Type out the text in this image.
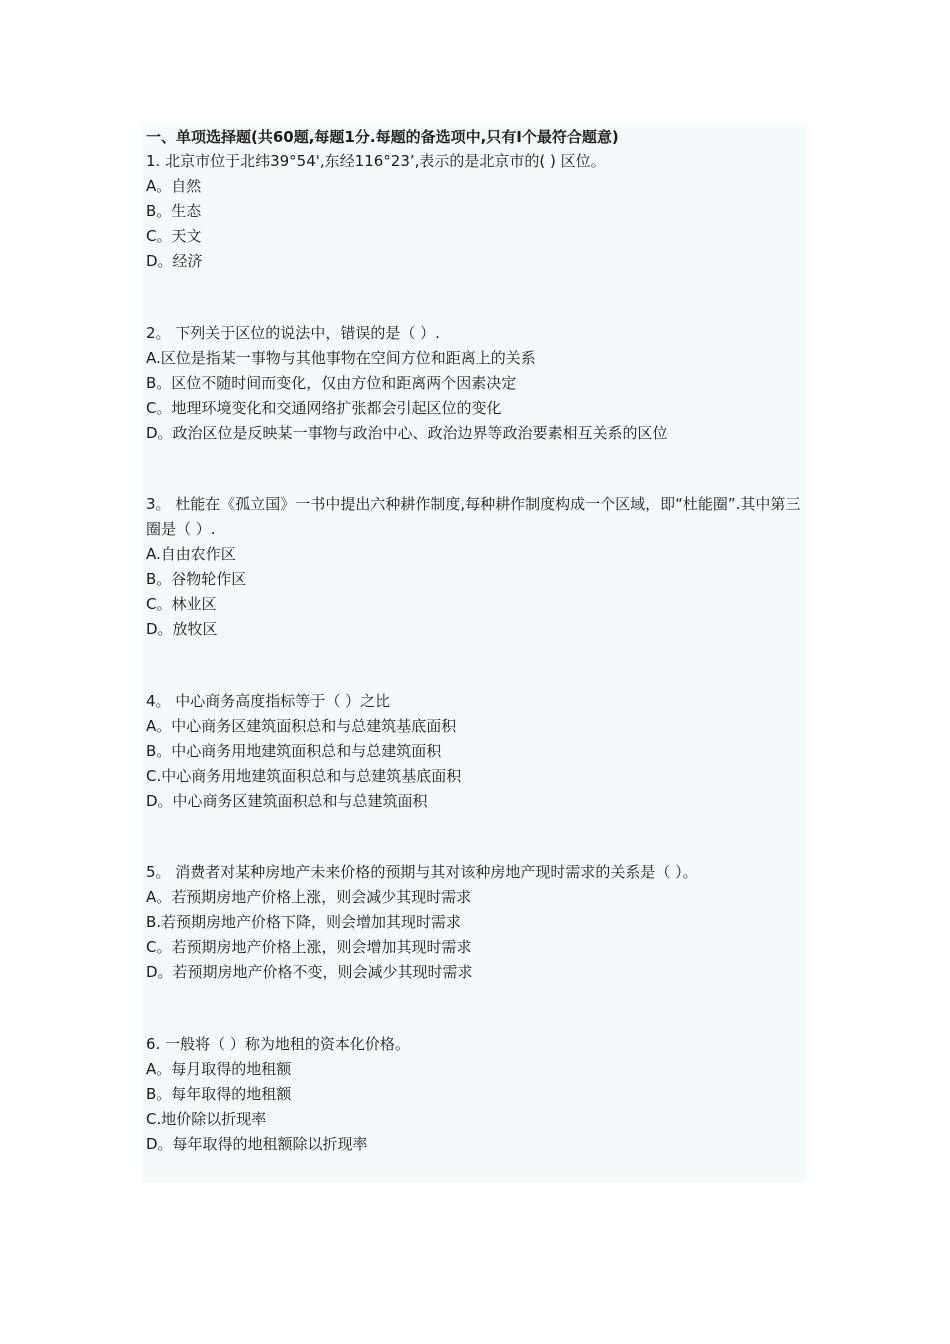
一、单项选择题(共60题,每题1分.每题的备选项中,只有I个最符合题意)

1. 北京市位于北纬39°54',东经116°23’,表示的是北京市的( ) 区位。

A。自然

B。生态

C。天文

D。经济

2。 下列关于区位的说法中，错误的是（ ）.

A.区位是指某一事物与其他事物在空间方位和距离上的关系

B。区位不随时间而变化，仅由方位和距离两个因素决定

C。地理环境变化和交通网络扩张都会引起区位的变化

D。政治区位是反映某一事物与政治中心、政治边界等政治要素相互关系的区位

3。 杜能在《孤立国》一书中提出六种耕作制度,每种耕作制度构成一个区域，即“杜能圈”.其中第三圈是（ ）.

A.自由农作区

B。谷物轮作区

C。林业区

D。放牧区

4。 中心商务高度指标等于（ ）之比

A。中心商务区建筑面积总和与总建筑基底面积

B。中心商务用地建筑面积总和与总建筑面积

C.中心商务用地建筑面积总和与总建筑基底面积

D。中心商务区建筑面积总和与总建筑面积

5。 消费者对某种房地产未来价格的预期与其对该种房地产现时需求的关系是（ ）。

A。若预期房地产价格上涨，则会减少其现时需求

B.若预期房地产价格下降，则会增加其现时需求

C。若预期房地产价格上涨，则会增加其现时需求

D。若预期房地产价格不变，则会减少其现时需求

6. 一般将（ ）称为地租的资本化价格。

A。每月取得的地租额

B。每年取得的地租额

C.地价除以折现率

D。每年取得的地租额除以折现率
